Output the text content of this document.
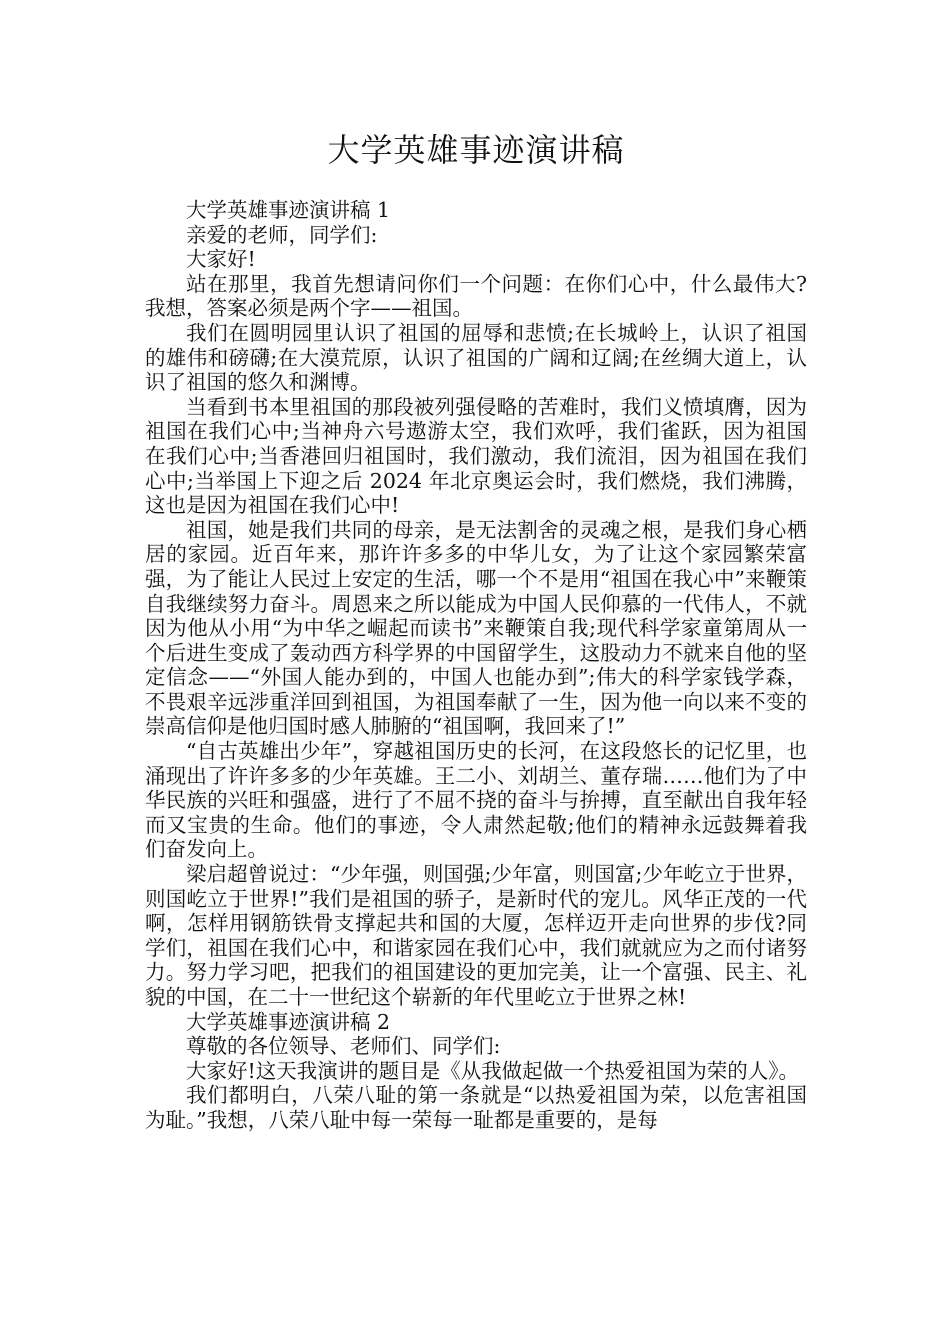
大学英雄事迹演讲稿

大学英雄事迹演讲稿 1

亲爱的老师，同学们:

大家好!

站在那里，我首先想请问你们一个问题：在你们心中，什么最伟大?我想，答案必须是两个字——祖国。

我们在圆明园里认识了祖国的屈辱和悲愤;在长城岭上，认识了祖国的雄伟和磅礴;在大漠荒原，认识了祖国的广阔和辽阔;在丝绸大道上，认识了祖国的悠久和渊博。

当看到书本里祖国的那段被列强侵略的苦难时，我们义愤填膺，因为祖国在我们心中;当神舟六号遨游太空，我们欢呼，我们雀跃，因为祖国在我们心中;当香港回归祖国时，我们激动，我们流泪，因为祖国在我们心中;当举国上下迎之后 2024 年北京奥运会时，我们燃烧，我们沸腾，这也是因为祖国在我们心中!

祖国，她是我们共同的母亲，是无法割舍的灵魂之根，是我们身心栖居的家园。近百年来，那许许多多的中华儿女，为了让这个家园繁荣富强，为了能让人民过上安定的生活，哪一个不是用“祖国在我心中”来鞭策自我继续努力奋斗。周恩来之所以能成为中国人民仰慕的一代伟人，不就因为他从小用“为中华之崛起而读书”来鞭策自我;现代科学家童第周从一个后进生变成了轰动西方科学界的中国留学生，这股动力不就来自他的坚定信念——“外国人能办到的，中国人也能办到”;伟大的科学家钱学森，不畏艰辛远涉重洋回到祖国，为祖国奉献了一生，因为他一向以来不变的崇高信仰是他归国时感人肺腑的“祖国啊，我回来了!”

“自古英雄出少年”，穿越祖国历史的长河，在这段悠长的记忆里，也涌现出了许许多多的少年英雄。王二小、刘胡兰、董存瑞……他们为了中华民族的兴旺和强盛，进行了不屈不挠的奋斗与拚搏，直至献出自我年轻而又宝贵的生命。他们的事迹，令人肃然起敬;他们的精神永远鼓舞着我们奋发向上。

梁启超曾说过：“少年强，则国强;少年富，则国富;少年屹立于世界，则国屹立于世界!”我们是祖国的骄子，是新时代的宠儿。风华正茂的一代啊，怎样用钢筋铁骨支撑起共和国的大厦，怎样迈开走向世界的步伐?同学们，祖国在我们心中，和谐家园在我们心中，我们就就应为之而付诸努力。努力学习吧，把我们的祖国建设的更加完美，让一个富强、民主、礼貌的中国，在二十一世纪这个崭新的年代里屹立于世界之林!

大学英雄事迹演讲稿 2

尊敬的各位领导、老师们、同学们:

大家好!这天我演讲的题目是《从我做起做一个热爱祖国为荣的人》。

我们都明白，八荣八耻的第一条就是“以热爱祖国为荣，以危害祖国为耻。”我想，八荣八耻中每一荣每一耻都是重要的，是每
